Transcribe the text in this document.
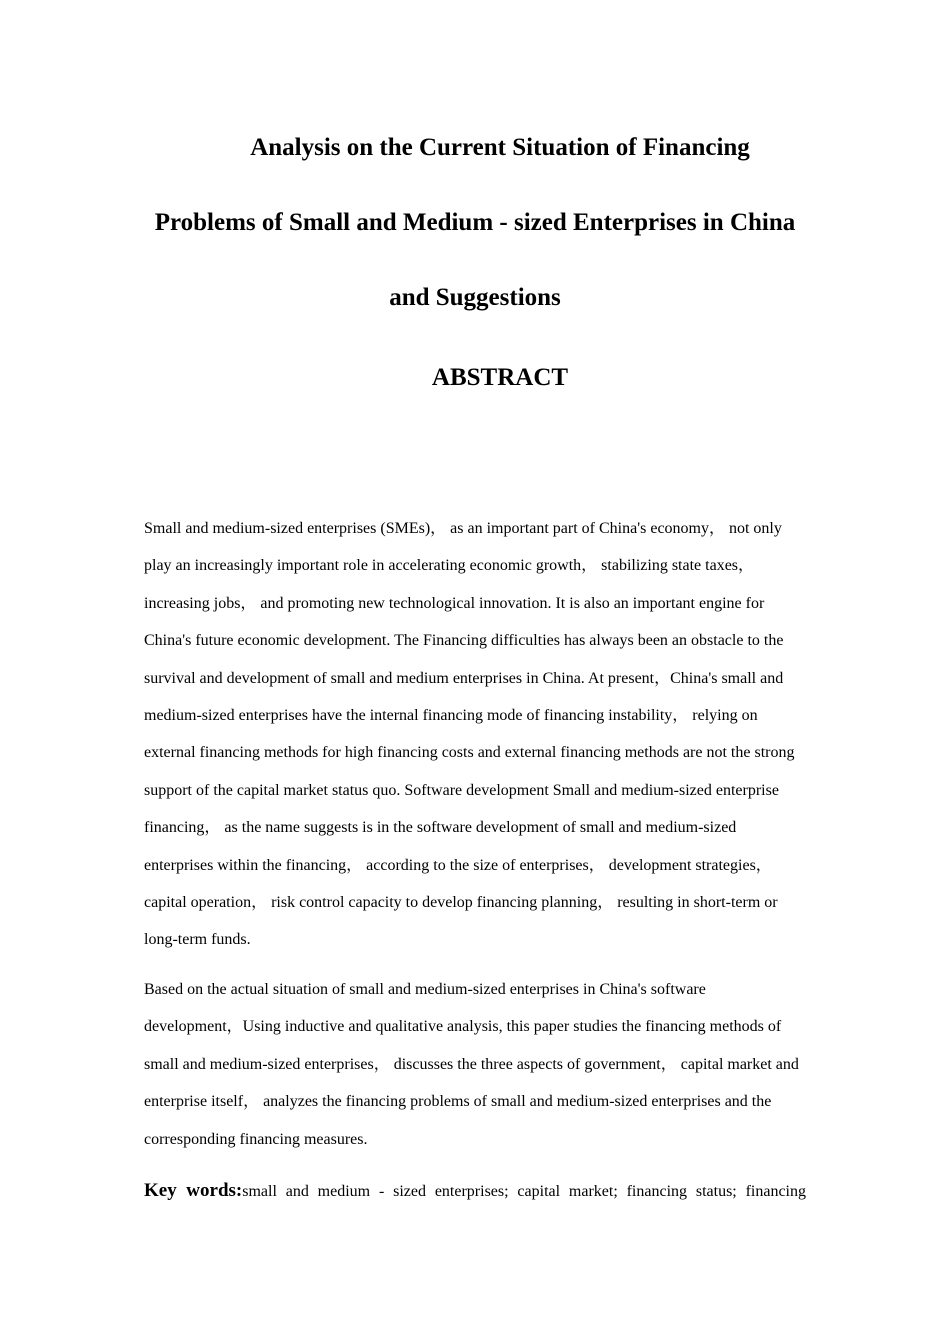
Analysis on the Current Situation of Financing
Problems of Small and Medium - sized Enterprises in China
and Suggestions
ABSTRACT

Small and medium-sized enterprises (SMEs)， as an important part of China's economy， not only play an increasingly important role in accelerating economic growth， stabilizing state taxes， increasing jobs， and promoting new technological innovation. It is also an important engine for China's future economic development. The Financing difficulties has always been an obstacle to the survival and development of small and medium enterprises in China. At present，China's small and medium-sized enterprises have the internal financing mode of financing instability， relying on external financing methods for high financing costs and external financing methods are not the strong support of the capital market status quo. Software development Small and medium-sized enterprise financing， as the name suggests is in the software development of small and medium-sized enterprises within the financing， according to the size of enterprises， development strategies， capital operation， risk control capacity to develop financing planning， resulting in short-term or long-term funds.

Based on the actual situation of small and medium-sized enterprises in China's software development，Using inductive and qualitative analysis, this paper studies the financing methods of small and medium-sized enterprises， discusses the three aspects of government， capital market and enterprise itself， analyzes the financing problems of small and medium-sized enterprises and the corresponding financing measures.

Key words:small and medium - sized enterprises; capital market; financing status; financing
